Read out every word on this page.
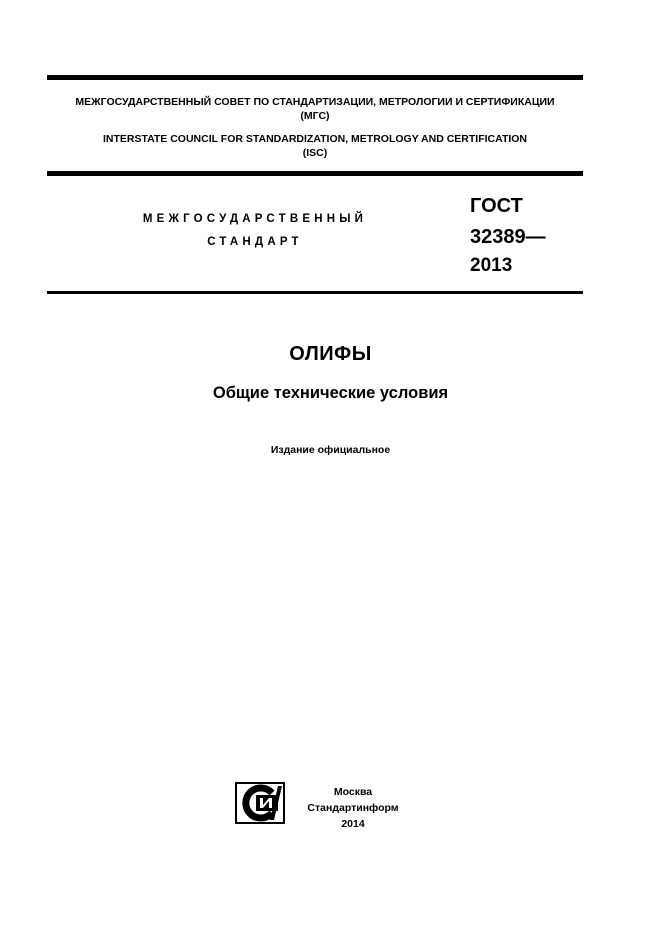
МЕЖГОСУДАРСТВЕННЫЙ СОВЕТ ПО СТАНДАРТИЗАЦИИ, МЕТРОЛОГИИ И СЕРТИФИКАЦИИ
(МГС)
INTERSTATE COUNCIL FOR STANDARDIZATION, METROLOGY AND CERTIFICATION
(ISC)
МЕЖГОСУДАРСТВЕННЫЙ
СТАНДАРТ
ГОСТ
32389—
2013
ОЛИФЫ
Общие технические условия
Издание официальное
Москва
Стандартинформ
2014
